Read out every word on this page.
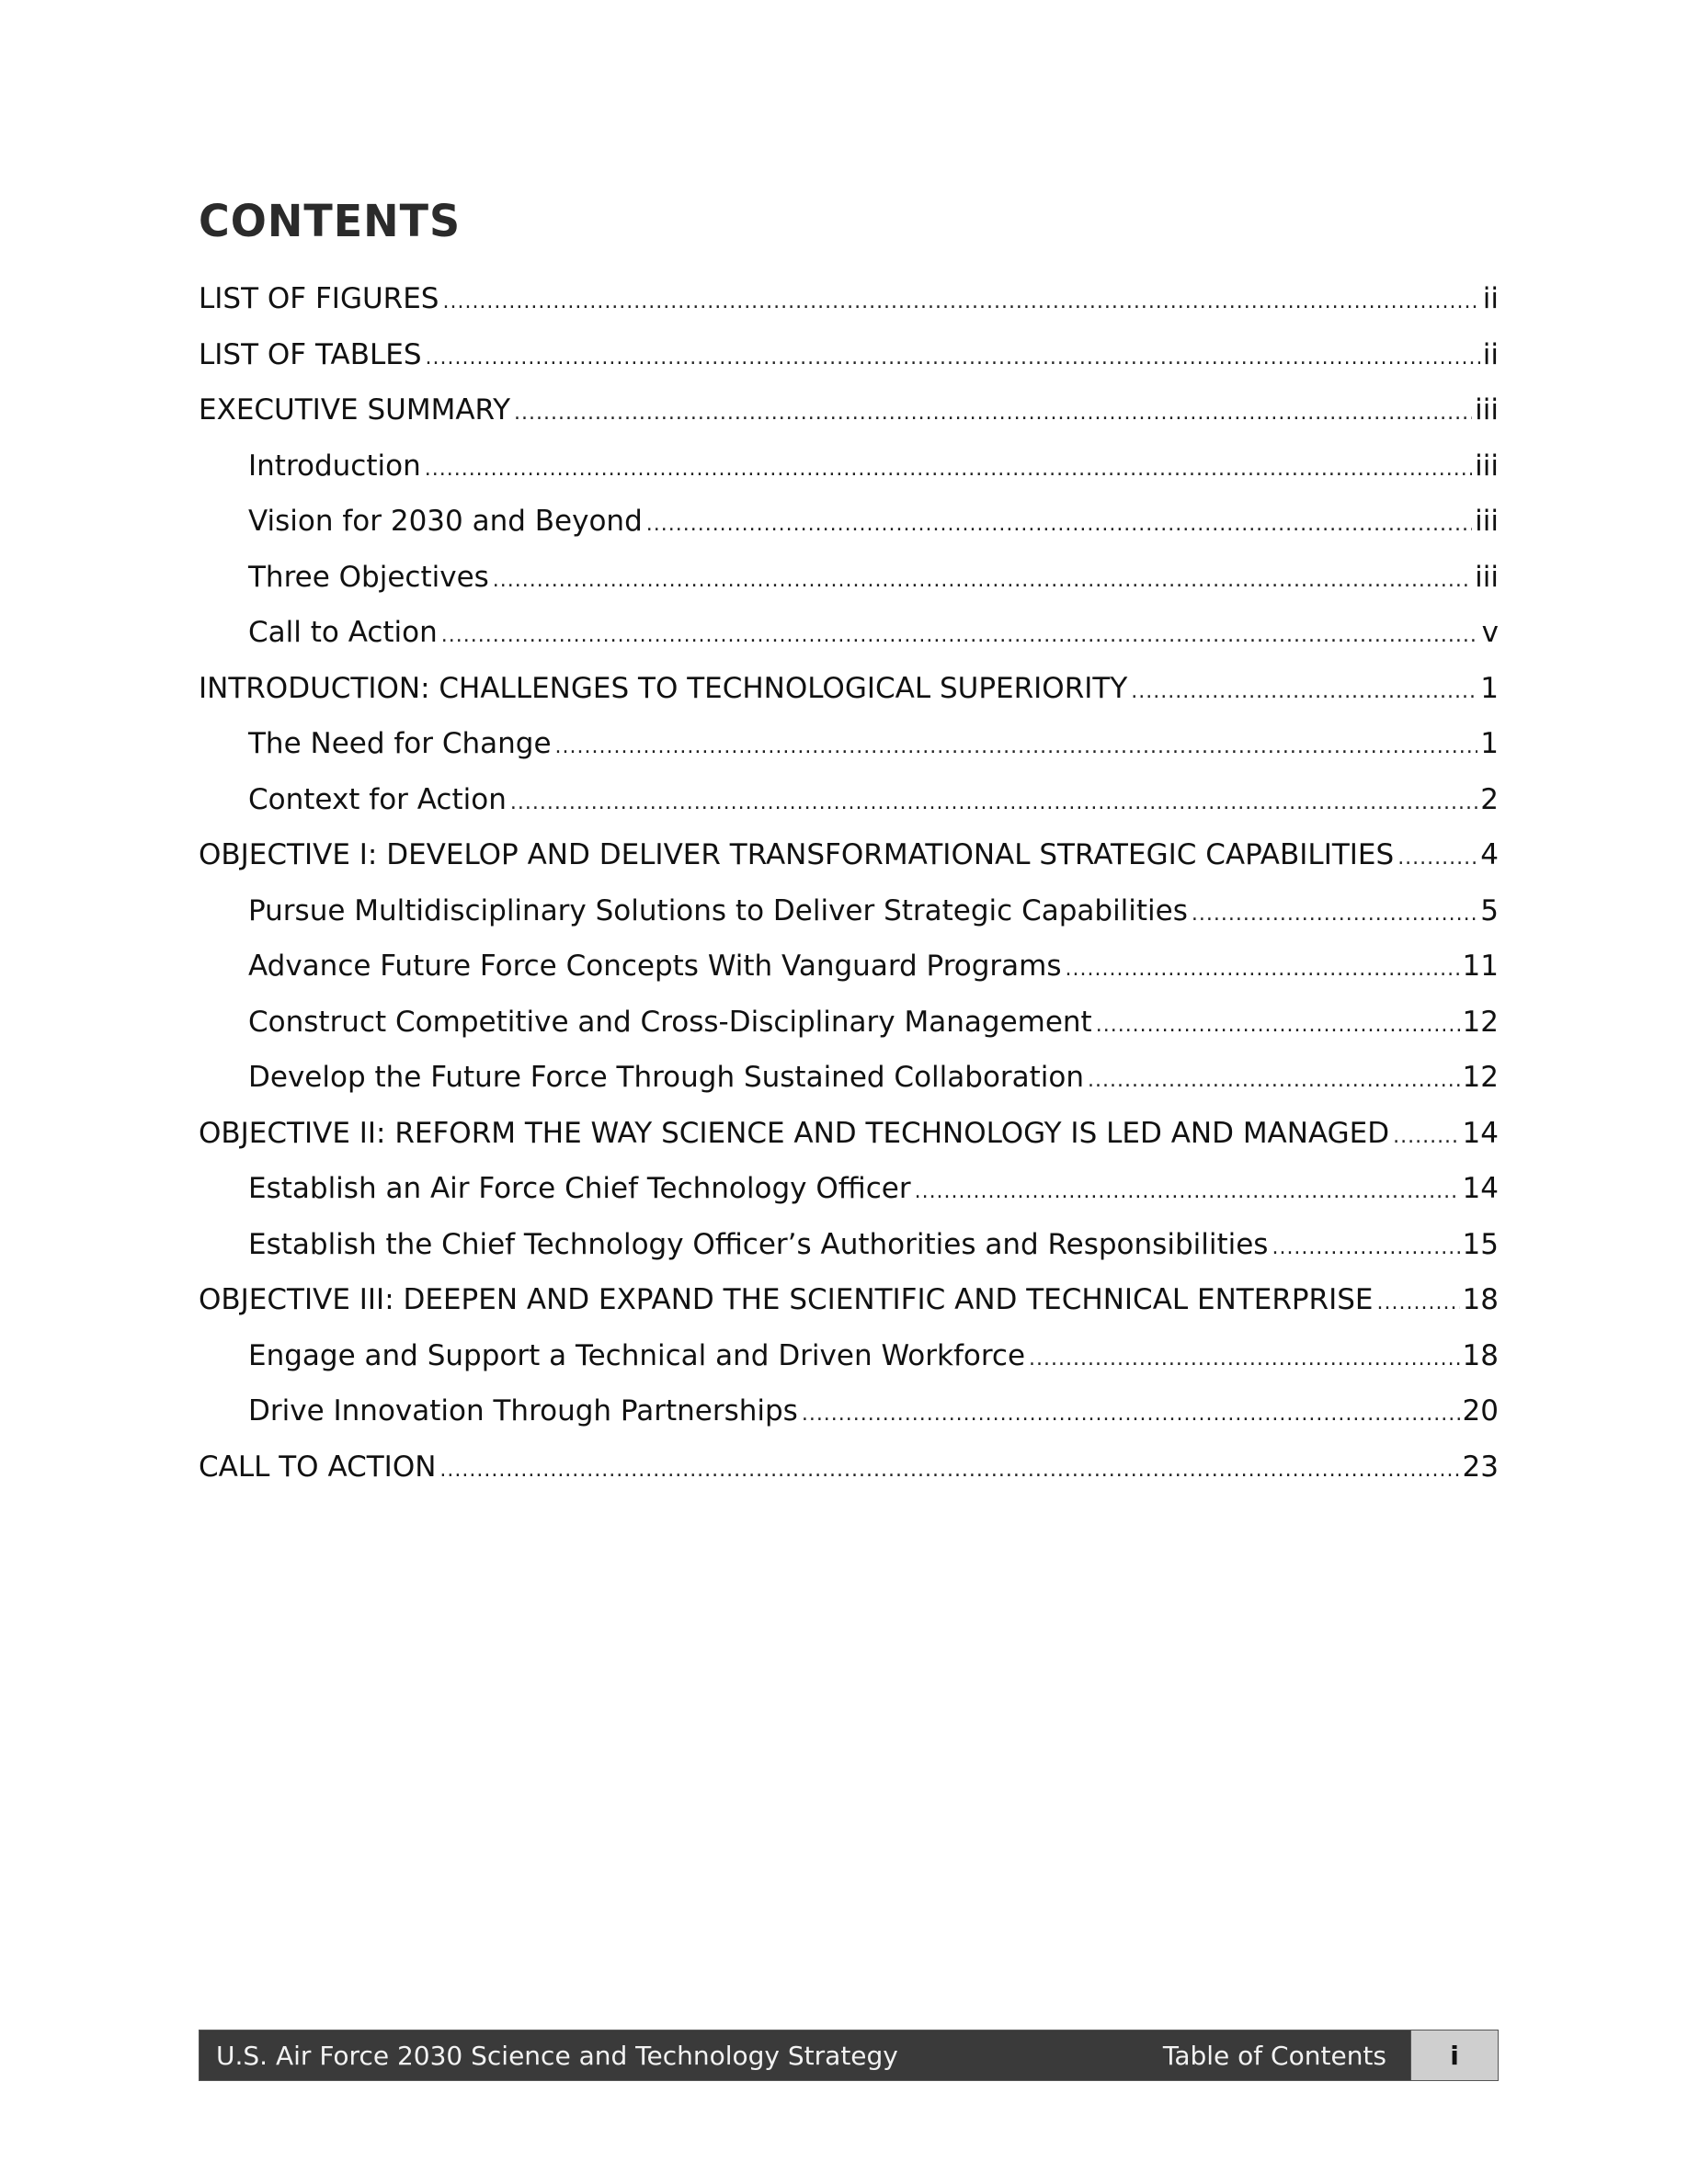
CONTENTS
LIST OF FIGURES .....	ii
LIST OF TABLES .....	ii
EXECUTIVE SUMMARY .....	iii
Introduction .....	iii
Vision for 2030 and Beyond .....	iii
Three Objectives .....	iii
Call to Action .....	v
INTRODUCTION: CHALLENGES TO TECHNOLOGICAL SUPERIORITY .....	1
The Need for Change .....	1
Context for Action .....	2
OBJECTIVE I: DEVELOP AND DELIVER TRANSFORMATIONAL STRATEGIC CAPABILITIES .....	4
Pursue Multidisciplinary Solutions to Deliver Strategic Capabilities .....	5
Advance Future Force Concepts With Vanguard Programs .....	11
Construct Competitive and Cross-Disciplinary Management .....	12
Develop the Future Force Through Sustained Collaboration .....	12
OBJECTIVE II: REFORM THE WAY SCIENCE AND TECHNOLOGY IS LED AND MANAGED .....	14
Establish an Air Force Chief Technology Officer .....	14
Establish the Chief Technology Officer’s Authorities and Responsibilities .....	15
OBJECTIVE III: DEEPEN AND EXPAND THE SCIENTIFIC AND TECHNICAL ENTERPRISE .....	18
Engage and Support a Technical and Driven Workforce .....	18
Drive Innovation Through Partnerships .....	20
CALL TO ACTION .....	23
U.S. Air Force 2030 Science and Technology Strategy	Table of Contents	i
